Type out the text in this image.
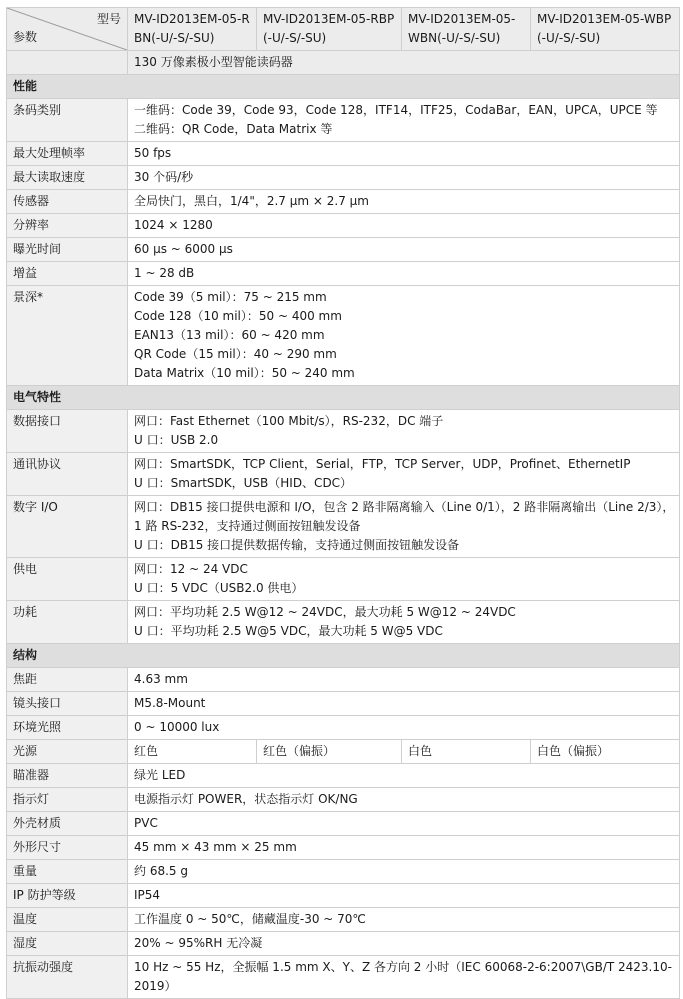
型号
参数	MV-ID2013EM-05-RBN(-U/-S/-SU)	MV-ID2013EM-05-RBP(-U/-S/-SU)	MV-ID2013EM-05-WBN(-U/-S/-SU)	MV-ID2013EM-05-WBP(-U/-S/-SU)
	130 万像素极小型智能读码器			
性能				
条码类别	一维码：Code 39，Code 93，Code 128，ITF14，ITF25，CodaBar，EAN，UPCA，UPCE 等
二维码：QR Code，Data Matrix 等			

最大处理帧率	50 fps			
最大读取速度	30 个码/秒			
传感器	全局快门，黑白，1/4"，2.7 μm × 2.7 μm			
分辨率	1024 × 1280			
曝光时间	60 μs ~ 6000 μs			
增益	1 ~ 28 dB			
景深*	Code 39（5 mil）：75 ~ 215 mm
Code 128（10 mil）：50 ~ 400 mm
EAN13（13 mil）：60 ~ 420 mm
QR Code（15 mil）：40 ~ 290 mm
Data Matrix（10 mil）：50 ~ 240 mm			

电气特性				
数据接口	网口：Fast Ethernet（100 Mbit/s），RS-232，DC 端子
U 口：USB 2.0			

通讯协议	网口：SmartSDK，TCP Client，Serial，FTP，TCP Server，UDP，Profinet、EthernetIP
U 口：SmartSDK，USB（HID、CDC）			

数字 I/O	网口：DB15 接口提供电源和 I/O，包含 2 路非隔离输入（Line 0/1），2 路非隔离输出（Line 2/3），1 路 RS-232，支持通过侧面按钮触发设备
U 口：DB15 接口提供数据传输，支持通过侧面按钮触发设备			

供电	网口：12 ~ 24 VDC
U 口：5 VDC（USB2.0 供电）			

功耗	网口：平均功耗 2.5 W@12 ~ 24VDC，最大功耗 5 W@12 ~ 24VDC
U 口：平均功耗 2.5 W@5 VDC，最大功耗 5 W@5 VDC			

结构				
焦距	4.63 mm			
镜头接口	M5.8-Mount			
环境光照	0 ~ 10000 lux			
光源	红色	红色（偏振）	白色	白色（偏振）
瞄准器	绿光 LED			
指示灯	电源指示灯 POWER，状态指示灯 OK/NG			
外壳材质	PVC			
外形尺寸	45 mm × 43 mm × 25 mm			
重量	约 68.5 g			
IP 防护等级	IP54			
温度	工作温度 0 ~ 50℃，储藏温度-30 ~ 70℃			
湿度	20% ~ 95%RH 无冷凝			
抗振动强度	10 Hz ~ 55 Hz，全振幅 1.5 mm X、Y、Z 各方向 2 小时（IEC 60068-2-6:2007\GB/T 2423.10-2019）			
